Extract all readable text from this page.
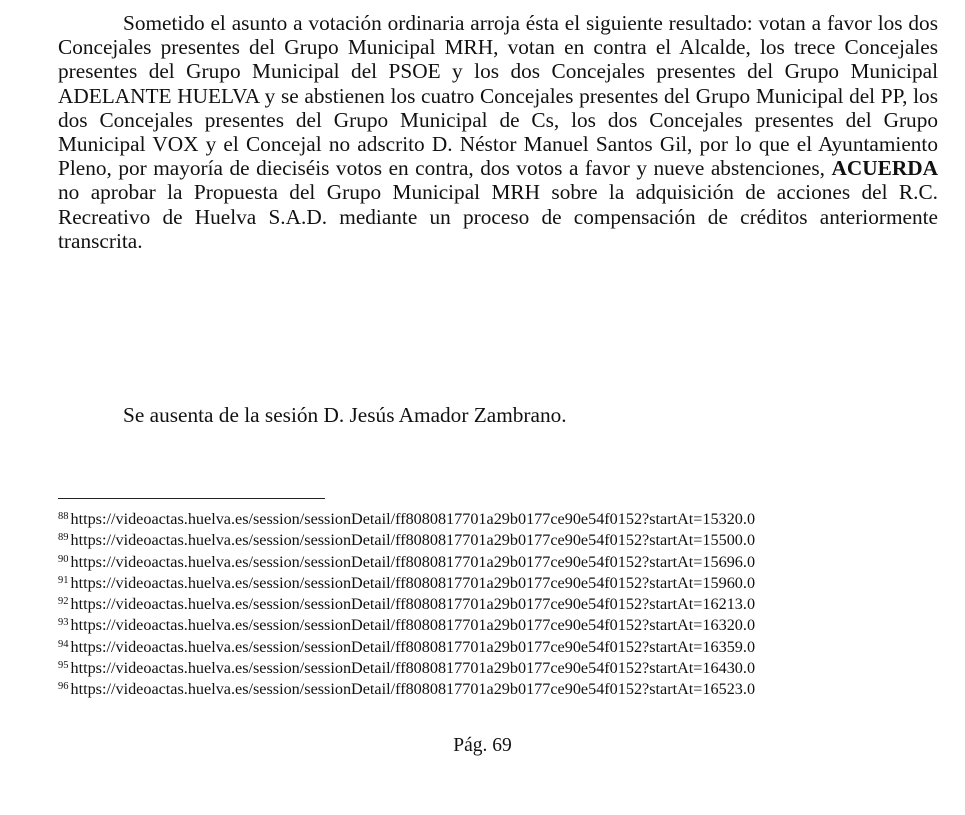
Sometido el asunto a votación ordinaria arroja ésta el siguiente resultado: votan a favor los dos Concejales presentes del Grupo Municipal MRH, votan en contra el Alcalde, los trece Concejales presentes del Grupo Municipal del PSOE y los dos Concejales presentes del Grupo Municipal ADELANTE HUELVA y se abstienen los cuatro Concejales presentes del Grupo Municipal del PP, los dos Concejales presentes del Grupo Municipal de Cs, los dos Concejales presentes del Grupo Municipal VOX y el Concejal no adscrito D. Néstor Manuel Santos Gil, por lo que el Ayuntamiento Pleno, por mayoría de dieciséis votos en contra, dos votos a favor y nueve abstenciones, ACUERDA no aprobar la Propuesta del Grupo Municipal MRH sobre la adquisición de acciones del R.C. Recreativo de Huelva S.A.D. mediante un proceso de compensación de créditos anteriormente transcrita.

Se ausenta de la sesión D. Jesús Amador Zambrano.

$^{88}$ https://videoactas.huelva.es/session/sessionDetail/ff8080817701a29b0177ce90e54f0152?startAt=15320.0
$^{89}$ https://videoactas.huelva.es/session/sessionDetail/ff8080817701a29b0177ce90e54f0152?startAt=15500.0
$^{90}$ https://videoactas.huelva.es/session/sessionDetail/ff8080817701a29b0177ce90e54f0152?startAt=15696.0
$^{91}$ https://videoactas.huelva.es/session/sessionDetail/ff8080817701a29b0177ce90e54f0152?startAt=15960.0
$^{92}$ https://videoactas.huelva.es/session/sessionDetail/ff8080817701a29b0177ce90e54f0152?startAt=16213.0
$^{93}$ https://videoactas.huelva.es/session/sessionDetail/ff8080817701a29b0177ce90e54f0152?startAt=16320.0
$^{94}$ https://videoactas.huelva.es/session/sessionDetail/ff8080817701a29b0177ce90e54f0152?startAt=16359.0
$^{95}$ https://videoactas.huelva.es/session/sessionDetail/ff8080817701a29b0177ce90e54f0152?startAt=16430.0
$^{96}$ https://videoactas.huelva.es/session/sessionDetail/ff8080817701a29b0177ce90e54f0152?startAt=16523.0
Pág. 69
